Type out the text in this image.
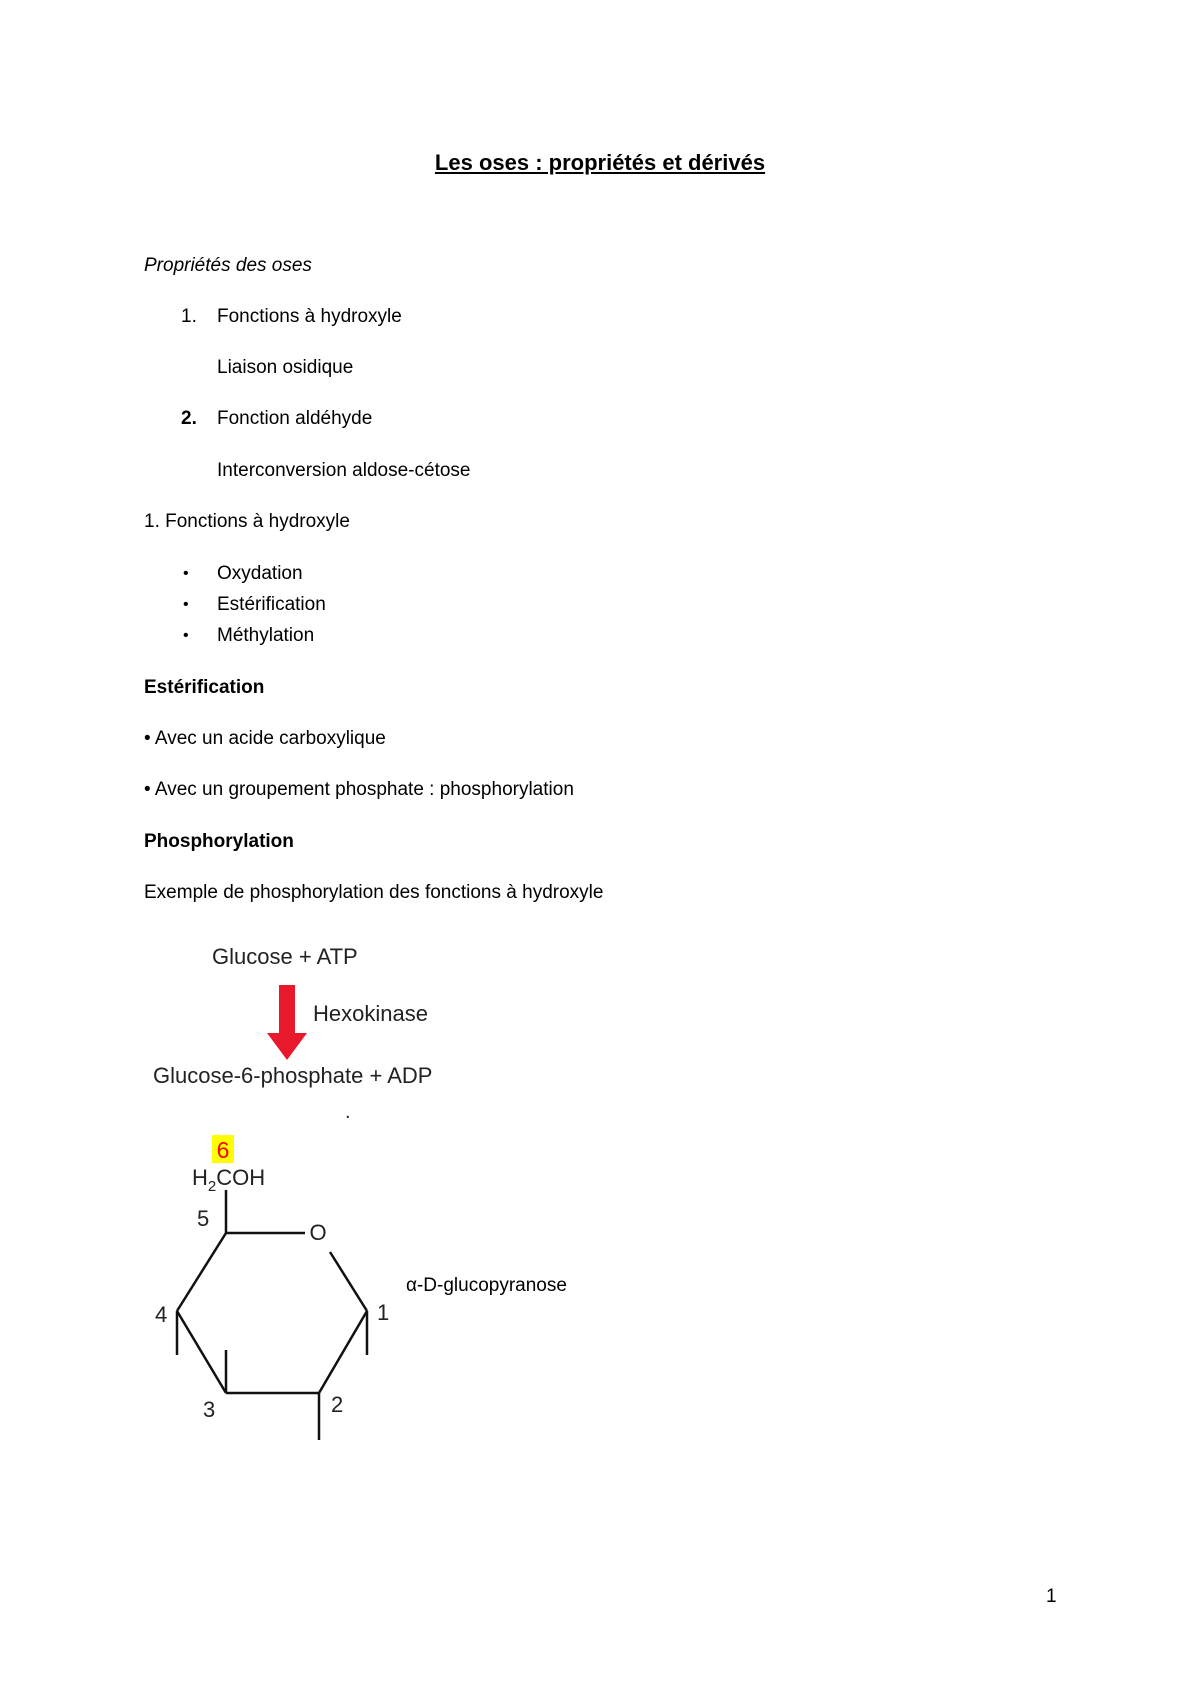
Les oses : propriétés et dérivés
Propriétés des oses
1. Fonctions à hydroxyle
Liaison osidique
2. Fonction aldéhyde
Interconversion aldose-cétose
1. Fonctions à hydroxyle
• Oxydation
• Estérification
• Méthylation
Estérification
• Avec un acide carboxylique
• Avec un groupement phosphate : phosphorylation
Phosphorylation
Exemple de phosphorylation des fonctions à hydroxyle
Glucose + ATP
Hexokinase
Glucose-6-phosphate + ADP
.
6
$H_2COH$
O
1
2
3
4
5
α-D-glucopyranose
1
